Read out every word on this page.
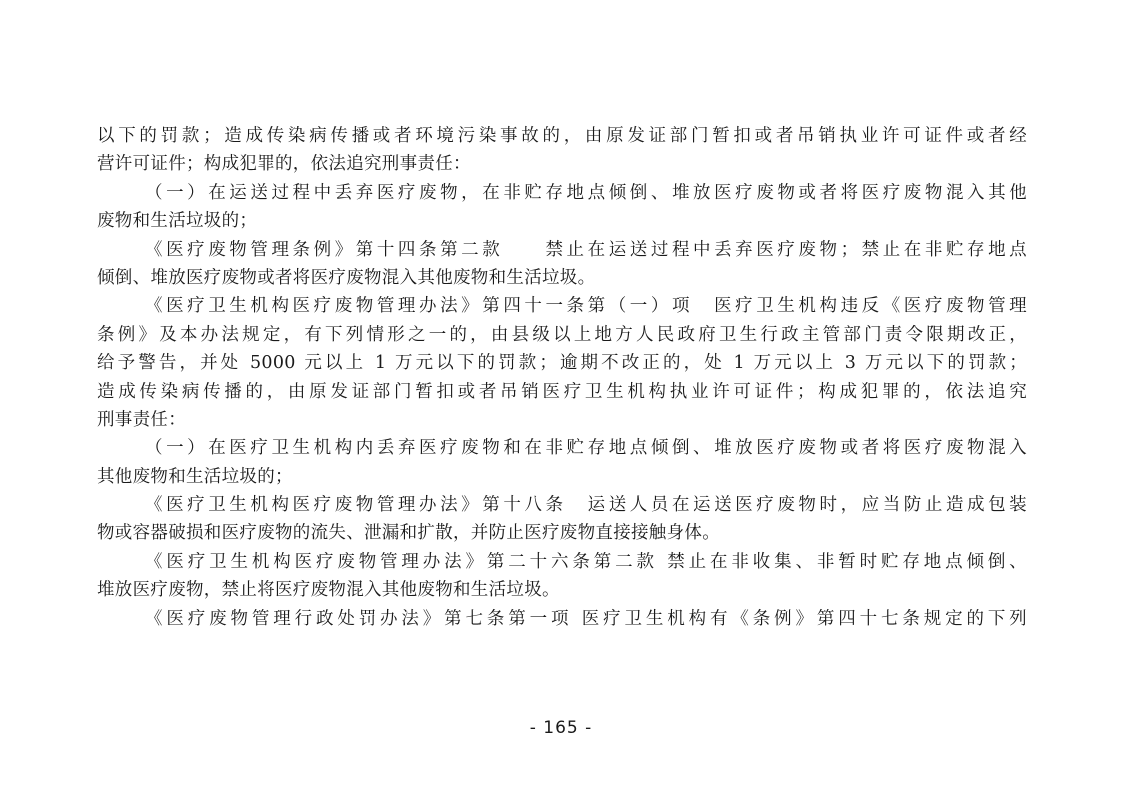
以下的罚款；造成传染病传播或者环境污染事故的，由原发证部门暂扣或者吊销执业许可证件或者经
营许可证件；构成犯罪的，依法追究刑事责任：
（一）在运送过程中丢弃医疗废物，在非贮存地点倾倒、堆放医疗废物或者将医疗废物混入其他
废物和生活垃圾的；
《医疗废物管理条例》第十四条第二款　　禁止在运送过程中丢弃医疗废物；禁止在非贮存地点
倾倒、堆放医疗废物或者将医疗废物混入其他废物和生活垃圾。
《医疗卫生机构医疗废物管理办法》第四十一条第（一）项　医疗卫生机构违反《医疗废物管理
条例》及本办法规定，有下列情形之一的，由县级以上地方人民政府卫生行政主管部门责令限期改正，
给予警告，并处 5000 元以上 1 万元以下的罚款；逾期不改正的，处 1 万元以上 3 万元以下的罚款；
造成传染病传播的，由原发证部门暂扣或者吊销医疗卫生机构执业许可证件；构成犯罪的，依法追究
刑事责任：
（一）在医疗卫生机构内丢弃医疗废物和在非贮存地点倾倒、堆放医疗废物或者将医疗废物混入
其他废物和生活垃圾的；
《医疗卫生机构医疗废物管理办法》第十八条　运送人员在运送医疗废物时，应当防止造成包装
物或容器破损和医疗废物的流失、泄漏和扩散，并防止医疗废物直接接触身体。
《医疗卫生机构医疗废物管理办法》第二十六条第二款 禁止在非收集、非暂时贮存地点倾倒、
堆放医疗废物，禁止将医疗废物混入其他废物和生活垃圾。
《医疗废物管理行政处罚办法》第七条第一项 医疗卫生机构有《条例》第四十七条规定的下列
- 165 -
